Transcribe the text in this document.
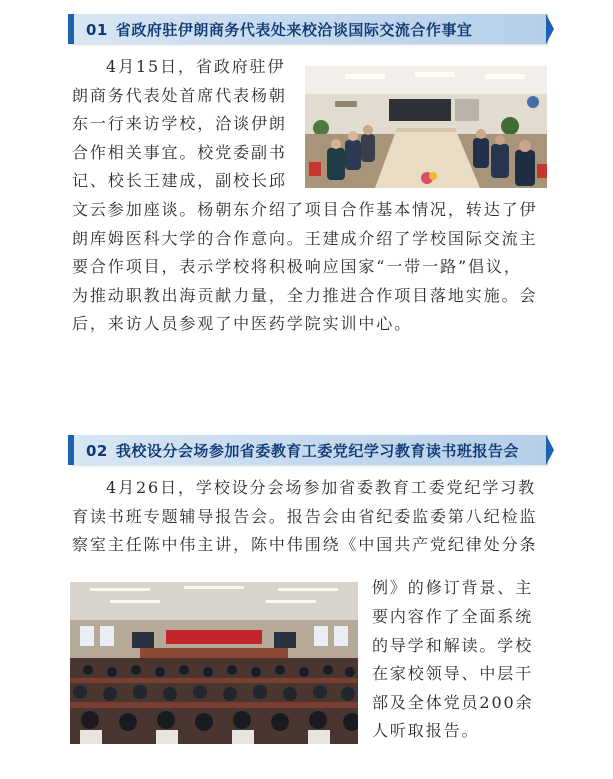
01 省政府驻伊朗商务代表处来校洽谈国际交流合作事宜
4月15日，省政府驻伊
朗商务代表处首席代表杨朝
东一行来访学校，洽谈伊朗
合作相关事宜。校党委副书
记、校长王建成，副校长邱
文云参加座谈。杨朝东介绍了项目合作基本情况，转达了伊
朗库姆医科大学的合作意向。王建成介绍了学校国际交流主
要合作项目，表示学校将积极响应国家“一带一路”倡议，
为推动职教出海贡献力量，全力推进合作项目落地实施。会
后，来访人员参观了中医药学院实训中心。
02 我校设分会场参加省委教育工委党纪学习教育读书班报告会
4月26日，学校设分会场参加省委教育工委党纪学习教
育读书班专题辅导报告会。报告会由省纪委监委第八纪检监
察室主任陈中伟主讲，陈中伟围绕《中国共产党纪律处分条
例》的修订背景、主
要内容作了全面系统
的导学和解读。学校
在家校领导、中层干
部及全体党员200余
人听取报告。
